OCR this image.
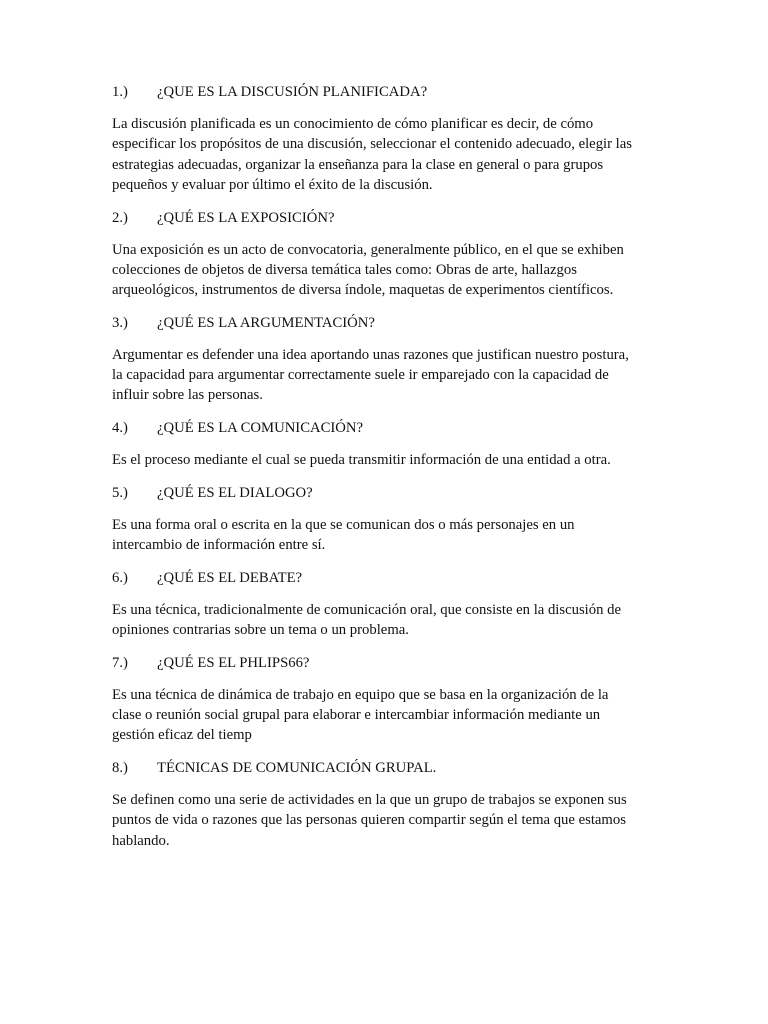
1.)	¿QUE ES LA DISCUSIÓN PLANIFICADA?
La discusión planificada es un conocimiento de cómo planificar es decir, de cómo
especificar los propósitos de una discusión, seleccionar el contenido adecuado, elegir las
estrategias adecuadas, organizar la enseñanza para la clase en general o para grupos
pequeños y evaluar por último el éxito de la discusión.
2.)	¿QUÉ ES LA EXPOSICIÓN?
Una exposición es un acto de convocatoria, generalmente público, en el que se exhiben
colecciones de objetos de diversa temática tales como: Obras de arte, hallazgos
arqueológicos, instrumentos de diversa índole, maquetas de experimentos científicos.
3.)	¿QUÉ ES LA ARGUMENTACIÓN?
Argumentar es defender una idea aportando unas razones que justifican nuestro postura,
la capacidad para argumentar correctamente suele ir emparejado con la capacidad de
influir sobre las personas.
4.)	¿QUÉ ES LA COMUNICACIÓN?
Es el proceso mediante el cual se pueda transmitir información de una entidad a otra.
5.)	¿QUÉ ES EL DIALOGO?
Es una forma oral o escrita en la que se comunican dos o más personajes en un
intercambio de información entre sí.
6.)	¿QUÉ ES EL DEBATE?
Es una técnica, tradicionalmente de comunicación oral, que consiste en la discusión de
opiniones contrarias sobre un tema o un problema.
7.)	¿QUÉ ES EL PHLIPS66?
Es una técnica de dinámica de trabajo en equipo que se basa en la organización de la
clase o reunión social grupal para elaborar e intercambiar información mediante un
gestión eficaz del tiemp
8.)	TÉCNICAS DE COMUNICACIÓN GRUPAL.
Se definen como una serie de actividades en la que un grupo de trabajos se exponen sus
puntos de vida o razones que las personas quieren compartir según el tema que estamos
hablando.
